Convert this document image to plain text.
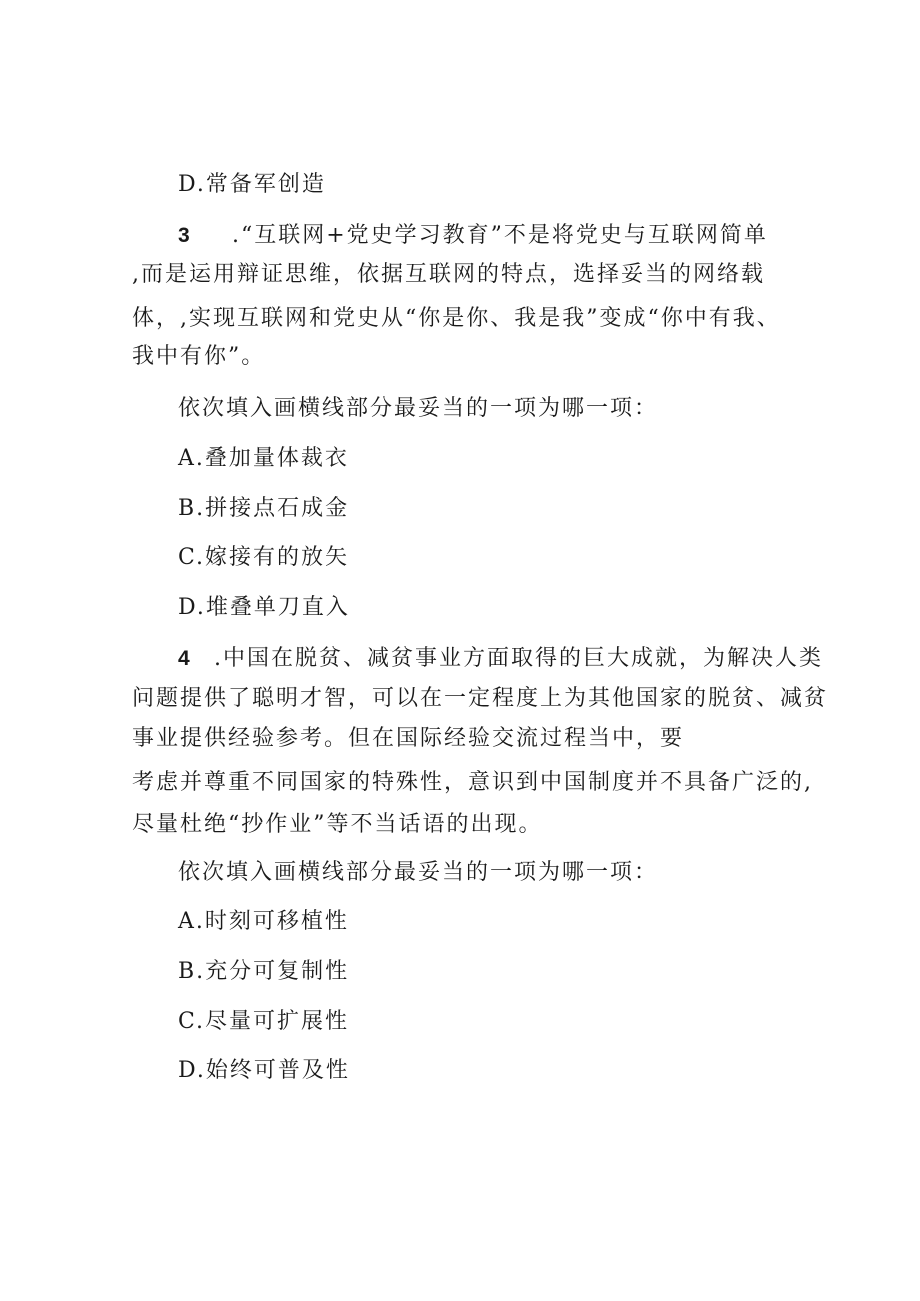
D.常备军创造
3 .“互联网+党史学习教育”不是将党史与互联网简单
,而是运用辩证思维，依据互联网的特点，选择妥当的网络载
体，,实现互联网和党史从“你是你、我是我”变成“你中有我、
我中有你”。
依次填入画横线部分最妥当的一项为哪一项：
A.叠加量体裁衣
B.拼接点石成金
C.嫁接有的放矢
D.堆叠单刀直入
4 .中国在脱贫、减贫事业方面取得的巨大成就，为解决人类
问题提供了聪明才智，可以在一定程度上为其他国家的脱贫、减贫
事业提供经验参考。但在国际经验交流过程当中，要
考虑并尊重不同国家的特殊性，意识到中国制度并不具备广泛的,
尽量杜绝“抄作业”等不当话语的出现。
依次填入画横线部分最妥当的一项为哪一项：
A.时刻可移植性
B.充分可复制性
C.尽量可扩展性
D.始终可普及性
